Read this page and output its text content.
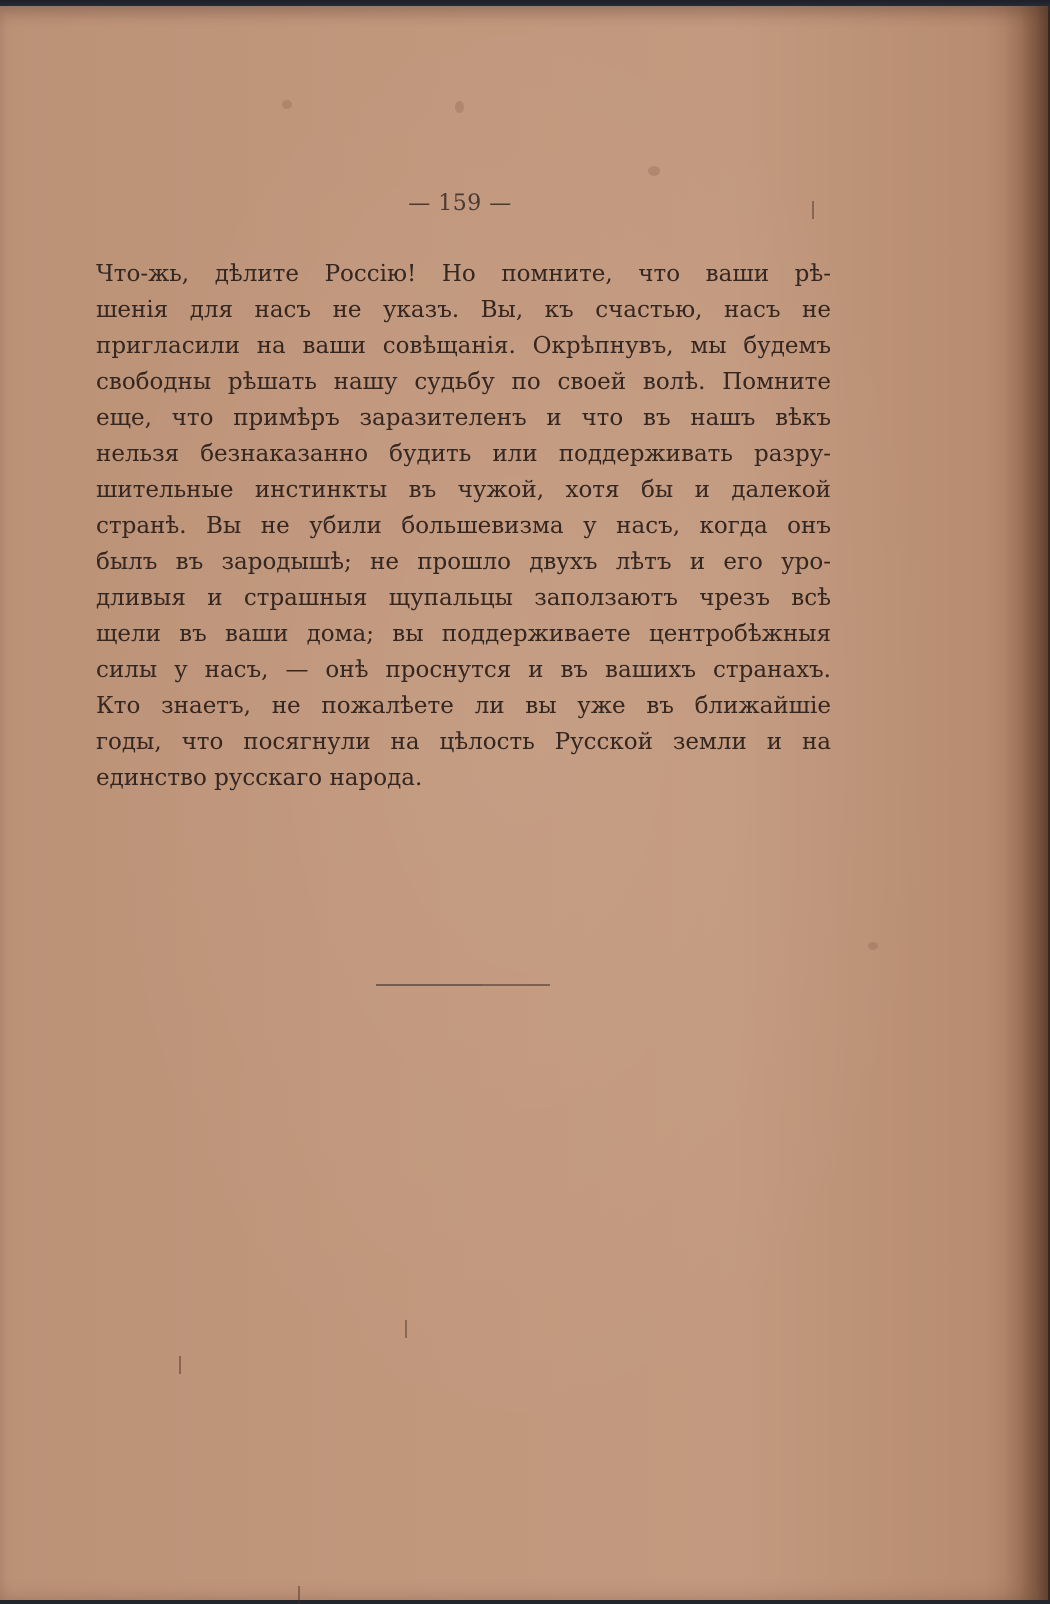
— 159 —
Что-жь, дѣлите Россію! Но помните, что ваши рѣ-
шенія для насъ не указъ. Вы, къ счастью, насъ не
пригласили на ваши совѣщанія. Окрѣпнувъ, мы будемъ
свободны рѣшать нашу судьбу по своей волѣ. Помните
еще, что примѣръ заразителенъ и что въ нашъ вѣкъ
нельзя безнаказанно будить или поддерживать разру-
шительные инстинкты въ чужой, хотя бы и далекой
странѣ. Вы не убили большевизма у насъ, когда онъ
былъ въ зародышѣ; не прошло двухъ лѣтъ и его уро-
дливыя и страшныя щупальцы заползаютъ чрезъ всѣ
щели въ ваши дома; вы поддерживаете центробѣжныя
силы у насъ, — онѣ проснутся и въ вашихъ странахъ.
Кто знаетъ, не пожалѣете ли вы уже въ ближайшіе
годы, что посягнули на цѣлость Русской земли и на
единство русскаго народа.
